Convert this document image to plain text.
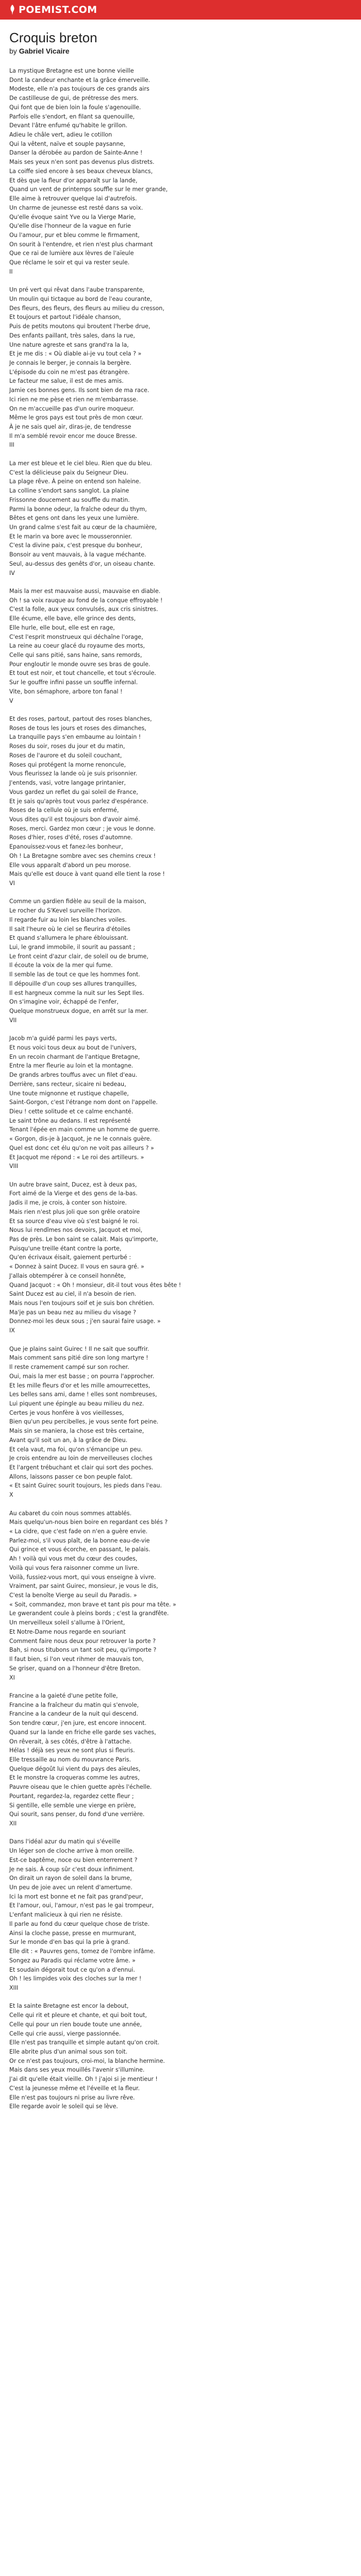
POEMIST.COM
Croquis breton
by Gabriel Vicaire
La mystique Bretagne est une bonne vieille
Dont la candeur enchante et la grâce émerveille.
Modeste, elle n'a pas toujours de ces grands airs
De castilleuse de gui, de prétresse des mers.
Qui font que de bien loin la foule s'agenouille.
Parfois elle s'endort, en filant sa quenouille,
Devant l'âtre enfumé qu'habite le grillon.
Adieu le châle vert, adieu le cotillon
Qui la vêtent, naïve et souple paysanne,
Danser la dérobée au pardon de Sainte-Anne !
Mais ses yeux n'en sont pas devenus plus distrets.
La coiffe sied encore à ses beaux cheveux blancs,
Et dès que la fleur d'or apparaît sur la lande,
Quand un vent de printemps souffle sur le mer grande,
Elle aime à retrouver quelque lai d'autrefois.
Un charme de jeunesse est resté dans sa voix.
Qu'elle évoque saint Yve ou la Vierge Marie,
Qu'elle dise l'honneur de la vague en furie
Ou l'amour, pur et bleu comme le firmament,
On sourit à l'entendre, et rien n'est plus charmant
Que ce rai de lumière aux lèvres de l'aïeule
Que réclame le soir et qui va rester seule.
II
Un pré vert qui rêvat dans l'aube transparente,
Un moulin qui tictaque au bord de l'eau courante,
Des fleurs, des fleurs, des fleurs au milieu du cresson,
Et toujours et partout l'idéale chanson,
Puis de petits moutons qui broutent l'herbe drue,
Des enfants paillant, très sales, dans la rue,
Une nature agreste et sans grand'ra la la,
Et je me dis : « Où diable ai-je vu tout cela ? »
Je connais le berger, je connais la bergère.
L'épisode du coin ne m'est pas étrangère.
Le facteur me salue, il est de mes amis.
Jamie ces bonnes gens. Ils sont bien de ma race.
Ici rien ne me pèse et rien ne m'embarrasse.
On ne m'accueille pas d'un ourire moqueur.
Même le gros pays est tout près de mon cœur.
À je ne sais quel air, diras-je, de tendresse
Il m'a semblé revoir encor me douce Bresse.
III
La mer est bleue et le ciel bleu. Rien que du bleu.
C'est la délicieuse paix du Seigneur Dieu.
La plage rêve. À peine on entend son haleine.
La colline s'endort sans sanglot. La plaine
Frissonne doucement au souffle du matin.
Parmi la bonne odeur, la fraîche odeur du thym,
Bêtes et gens ont dans les yeux une lumière.
Un grand calme s'est fait au cœur de la chaumière,
Et le marin va bore avec le mousseronnier.
C'est la divine paix, c'est presque du bonheur,
Bonsoir au vent mauvais, à la vague méchante.
Seul, au-dessus des genêts d'or, un oiseau chante.
IV
Mais la mer est mauvaise aussi, mauvaise en diable.
Oh ! sa voix rauque au fond de la conque effroyable !
C'est la folle, aux yeux convulsés, aux cris sinistres.
Elle écume, elle bave, elle grince des dents,
Elle hurle, elle bout, elle est en rage,
C'est l'esprit monstrueux qui déchaîne l'orage,
La reine au coeur glacé du royaume des morts,
Celle qui sans pitié, sans haine, sans remords,
Pour engloutir le monde ouvre ses bras de goule.
Et tout est noir, et tout chancelle, et tout s'écroule.
Sur le gouffre infini passe un souffle infernal.
Vite, bon sémaphore, arbore ton fanal !
V
Et des roses, partout, partout des roses blanches,
Roses de tous les jours et roses des dimanches,
La tranquille pays s'en embaume au lointain !
Roses du soir, roses du jour et du matin,
Roses de l'aurore et du soleil couchant,
Roses qui protégent la morne renoncule,
Vous fleurissez la lande où je suis prisonnier.
J'entends, vasi, votre langage printanier,
Vous gardez un reflet du gai soleil de France,
Et je sais qu'après tout vous parlez d'espérance.
Roses de la cellule où je suis enfermé,
Vous dites qu'il est toujours bon d'avoir aimé.
Roses, merci. Gardez mon cœur ; je vous le donne.
Roses d'hier, roses d'été, roses d'automne.
Epanouissez-vous et fanez-les bonheur,
Oh ! La Bretagne sombre avec ses chemins creux !
Elle vous apparaît d'abord un peu morose.
Mais qu'elle est douce à vant quand elle tient la rose !
VI
Comme un gardien fidèle au seuil de la maison,
Le rocher du S'Kevel surveille l'horizon.
Il regarde fuir au loin les blanches voiles.
Il sait l'heure où le ciel se fleurira d'étoiles
Et quand s'allumera le phare éblouissant.
Lui, le grand immobile, il sourit au passant ;
Le front ceint d'azur clair, de soleil ou de brume,
Il écoute la voix de la mer qui fume.
Il semble las de tout ce que les hommes font.
Il dépouille d'un coup ses allures tranquilles,
Il est hargneux comme la nuit sur les Sept Iles.
On s'imagine voir, échappé de l'enfer,
Quelque monstrueux dogue, en arrêt sur la mer.
VII
Jacob m'a guidé parmi les pays verts,
Et nous voici tous deux au bout de l'univers,
En un recoin charmant de l'antique Bretagne,
Entre la mer fleurie au loin et la montagne.
De grands arbres touffus avec un filet d'eau.
Derrière, sans recteur, sicaire ni bedeau,
Une toute mignonne et rustique chapelle,
Saint-Gorgon, c'est l'étrange nom dont on l'appelle.
Dieu ! cette solitude et ce calme enchanté.
Le saint trône au dedans. Il est représenté
Tenant l'épée en main comme un homme de guerre.
« Gorgon, dis-je à Jacquot, je ne le connais guère.
Quel est donc cet élu qu'on ne voit pas ailleurs ? »
Et Jacquot me répond : « Le roi des artilleurs. »
VIII
Un autre brave saint, Ducez, est à deux pas,
Fort aimé de la Vierge et des gens de la-bas.
Jadis il me, je crois, à conter son histoire.
Mais rien n'est plus joli que son grêle oratoire
Et sa source d'eau vive où s'est baigné le roi.
Nous lui rendîmes nos devoirs, Jacquot et moi,
Pas de près. Le bon saint se calait. Mais qu'importe,
Puisqu'une treille étant contre la porte,
Qu'en écrivaux éisait, gaiement perturbé :
« Donnez à saint Ducez. Il vous en saura gré. »
J'allais obtempérer à ce conseil honnête,
Quand Jacquot : « Oh ! monsieur, dit-il tout vous êtes bête !
Saint Ducez est au ciel, il n'a besoin de rien.
Mais nous l'en toujours soif et je suis bon chrétien.
Ma'je pas un beau nez au milieu du visage ?
Donnez-moi les deux sous ; j'en saurai faire usage. »
IX
Que je plains saint Guirec ! Il ne sait que souffrir.
Mais comment sans pitié dire son long martyre !
Il reste cramement campé sur son rocher.
Oui, mais la mer est basse ; on pourra l'approcher.
Et les mille fleurs d'or et les mille amourrecettes,
Les belles sans ami, dame ! elles sont nombreuses,
Lui piquent une épingle au beau milieu du nez.
Certes je vous honfère à vos vieillesses,
Bien qu'un peu percibelles, je vous sente fort peine.
Mais sin se maniera, la chose est très certaine,
Avant qu'il soit un an, à la grâce de Dieu.
Et cela vaut, ma foi, qu'on s'émancipe un peu.
Je crois entendre au loin de merveilleuses cloches
Et l'argent trébuchant et clair qui sort des poches.
Allons, laissons passer ce bon peuple falot.
« Et saint Guirec sourit toujours, les pieds dans l'eau.
X
Au cabaret du coin nous sommes attablés.
Mais quelqu'un-nous bien boire en regardant ces blés ?
« La cidre, que c'est fade on n'en a guère envie.
Parlez-moi, s'il vous plaît, de la bonne eau-de-vie
Qui grince et vous écorche, en passant, le palais.
Ah ! voilà qui vous met du cœur des coudes,
Voilà qui vous fera raisonner comme un livre.
Voilà, fussiez-vous mort, qui vous enseigne à vivre.
Vraiment, par saint Guirec, monsieur, je vous le dis,
C'est la benoîte Vierge au seuil du Paradis. »
« Soit, commandez, mon brave et tant pis pour ma tête. »
Le gwerandent coule à pleins bords ; c'est la grandfête.
Un merveilleux soleil s'allume à l'Orient,
Et Notre-Dame nous regarde en souriant
Comment faire nous deux pour retrouver la porte ?
Bah, si nous titubons un tant soit peu, qu'importe ?
Il faut bien, si l'on veut rihmer de mauvais ton,
Se griser, quand on a l'honneur d'être Breton.
XI
Francine a la gaieté d'une petite folle,
Francine a la fraîcheur du matin qui s'envole,
Francine a la candeur de la nuit qui descend.
Son tendre cœur, j'en jure, est encore innocent.
Quand sur la lande en friche elle garde ses vaches,
On rêverait, à ses côtés, d'être à l'attache.
Hélas ! déjà ses yeux ne sont plus si fleuris.
Elle tressaille au nom du mouvrance Paris.
Quelque dégoût lui vient du pays des aïeules,
Et le monstre la croqueras comme les autres,
Pauvre oiseau que le chien guette après l'échelle.
Pourtant, regardez-la, regardez cette fleur ;
Si gentille, elle semble une vierge en prière,
Qui sourit, sans penser, du fond d'une verrière.
XII
Dans l'idéal azur du matin qui s'éveille
Un léger son de cloche arrive à mon oreille.
Est-ce baptême, noce ou bien enterrement ?
Je ne sais. À coup sûr c'est doux infiniment.
On dirait un rayon de soleil dans la brume,
Un peu de joie avec un relent d'amertume.
Ici la mort est bonne et ne fait pas grand'peur,
Et l'amour, oui, l'amour, n'est pas le gai trompeur,
L'enfant malicieux à qui rien ne résiste.
Il parle au fond du cœur quelque chose de triste.
Ainsi la cloche passe, presse en murmurant,
Sur le monde d'en bas qui la prie à grand.
Elle dit : « Pauvres gens, tomez de l'ombre infâme.
Songez au Paradis qui réclame votre âme. »
Et soudain dégorait tout ce qu'on a d'ennui.
Oh ! les limpides voix des cloches sur la mer !
XIII
Et la sainte Bretagne est encor la debout,
Celle qui rit et pleure et chante, et qui boit tout,
Celle qui pour un rien boude toute une année,
Celle qui crie aussi, vierge passionnée.
Elle n'est pas tranquille et simple autant qu'on croit.
Elle abrite plus d'un animal sous son toit.
Or ce n'est pas toujours, croi-moi, la blanche hermine.
Mais dans ses yeux mouillés l'avenir s'illumine.
J'ai dit qu'elle était vieille. Oh ! j'ajoi si je mentieur !
C'est la jeunesse même et l'éveille et la fleur.
Elle n'est pas toujours ni prise au livre rêve.
Elle regarde avoir le soleil qui se lève.
